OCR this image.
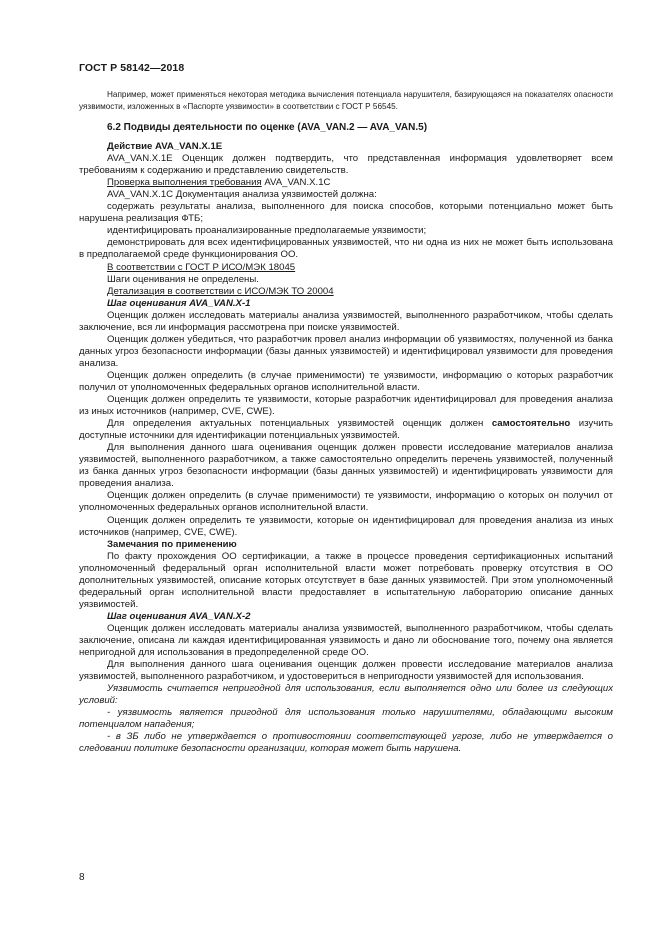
ГОСТ Р 58142—2018

Например, может применяться некоторая методика вычисления потенциала нарушителя, базирующаяся на показателях опасности уязвимости, изложенных в «Паспорте уязвимости» в соответствии с ГОСТ Р 56545.

6.2 Подвиды деятельности по оценке (AVA_VAN.2 — AVA_VAN.5)

Действие AVA_VAN.X.1E

AVA_VAN.X.1E Оценщик должен подтвердить, что представленная информация удовлетворяет всем требованиям к содержанию и представлению свидетельств.

Проверка выполнения требования AVA_VAN.X.1C

AVA_VAN.X.1C Документация анализа уязвимостей должна:

содержать результаты анализа, выполненного для поиска способов, которыми потенциально может быть нарушена реализация ФТБ;

идентифицировать проанализированные предполагаемые уязвимости;

демонстрировать для всех идентифицированных уязвимостей, что ни одна из них не может быть использована в предполагаемой среде функционирования ОО.

В соответствии с ГОСТ Р ИСО/МЭК 18045

Шаги оценивания не определены.

Детализация в соответствии с ИСО/МЭК ТО 20004

Шаг оценивания AVA_VAN.X-1

Оценщик должен исследовать материалы анализа уязвимостей, выполненного разработчиком, чтобы сделать заключение, вся ли информация рассмотрена при поиске уязвимостей.

Оценщик должен убедиться, что разработчик провел анализ информации об уязвимостях, полученной из банка данных угроз безопасности информации (базы данных уязвимостей) и идентифицировал уязвимости для проведения анализа.

Оценщик должен определить (в случае применимости) те уязвимости, информацию о которых разработчик получил от уполномоченных федеральных органов исполнительной власти.

Оценщик должен определить те уязвимости, которые разработчик идентифицировал для проведения анализа из иных источников (например, CVE, CWE).

Для определения актуальных потенциальных уязвимостей оценщик должен самостоятельно изучить доступные источники для идентификации потенциальных уязвимостей.

Для выполнения данного шага оценивания оценщик должен провести исследование материалов анализа уязвимостей, выполненного разработчиком, а также самостоятельно определить перечень уязвимостей, полученный из банка данных угроз безопасности информации (базы данных уязвимостей) и идентифицировать уязвимости для проведения анализа.

Оценщик должен определить (в случае применимости) те уязвимости, информацию о которых он получил от уполномоченных федеральных органов исполнительной власти.

Оценщик должен определить те уязвимости, которые он идентифицировал для проведения анализа из иных источников (например, CVE, CWE).

Замечания по применению

По факту прохождения ОО сертификации, а также в процессе проведения сертификационных испытаний уполномоченный федеральный орган исполнительной власти может потребовать проверку отсутствия в ОО дополнительных уязвимостей, описание которых отсутствует в базе данных уязвимостей. При этом уполномоченный федеральный орган исполнительной власти предоставляет в испытательную лабораторию описание данных уязвимостей.

Шаг оценивания AVA_VAN.X-2

Оценщик должен исследовать материалы анализа уязвимостей, выполненного разработчиком, чтобы сделать заключение, описана ли каждая идентифицированная уязвимость и дано ли обоснование того, почему она является непригодной для использования в предопределенной среде ОО.

Для выполнения данного шага оценивания оценщик должен провести исследование материалов анализа уязвимостей, выполненного разработчиком, и удостовериться в непригодности уязвимостей для использования.

Уязвимость считается непригодной для использования, если выполняется одно или более из следующих условий:

- уязвимость является пригодной для использования только нарушителями, обладающими высоким потенциалом нападения;

- в ЗБ либо не утверждается о противостоянии соответствующей угрозе, либо не утверждается о следовании политике безопасности организации, которая может быть нарушена.

8
